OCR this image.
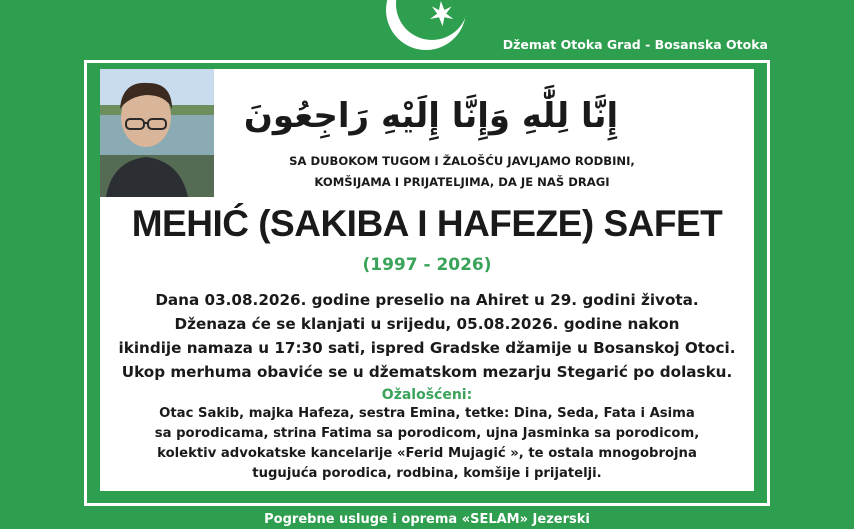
Džemat Otoka Grad - Bosanska Otoka
إِنَّا لِلَّٰهِ وَإِنَّا إِلَيْهِ رَاجِعُونَ
SA DUBOKOM TUGOM I ŽALOŠĆU JAVLJAMO RODBINI,
KOMŠIJAMA I PRIJATELJIMA, DA JE NAŠ DRAGI
MEHIĆ (SAKIBA I HAFEZE) SAFET
(1997 - 2026)

Dana 03.08.2026. godine preselio na Ahiret u 29. godini života.

Dženaza će se klanjati u srijedu, 05.08.2026. godine nakon

ikindije namaza u 17:30 sati, ispred Gradske džamije u Bosanskoj Otoci.

Ukop merhuma obaviće se u džematskom mezarju Stegarić po dolasku.

Ožalošćeni:

Otac Sakib, majka Hafeza, sestra Emina, tetke: Dina, Seda, Fata i Asima

sa porodicama, strina Fatima sa porodicom, ujna Jasminka sa porodicom,

kolektiv advokatske kancelarije «Ferid Mujagić », te ostala mnogobrojna

tugujuća porodica, rodbina, komšije i prijatelji.

Pogrebne usluge i oprema «SELAM» Jezerski
